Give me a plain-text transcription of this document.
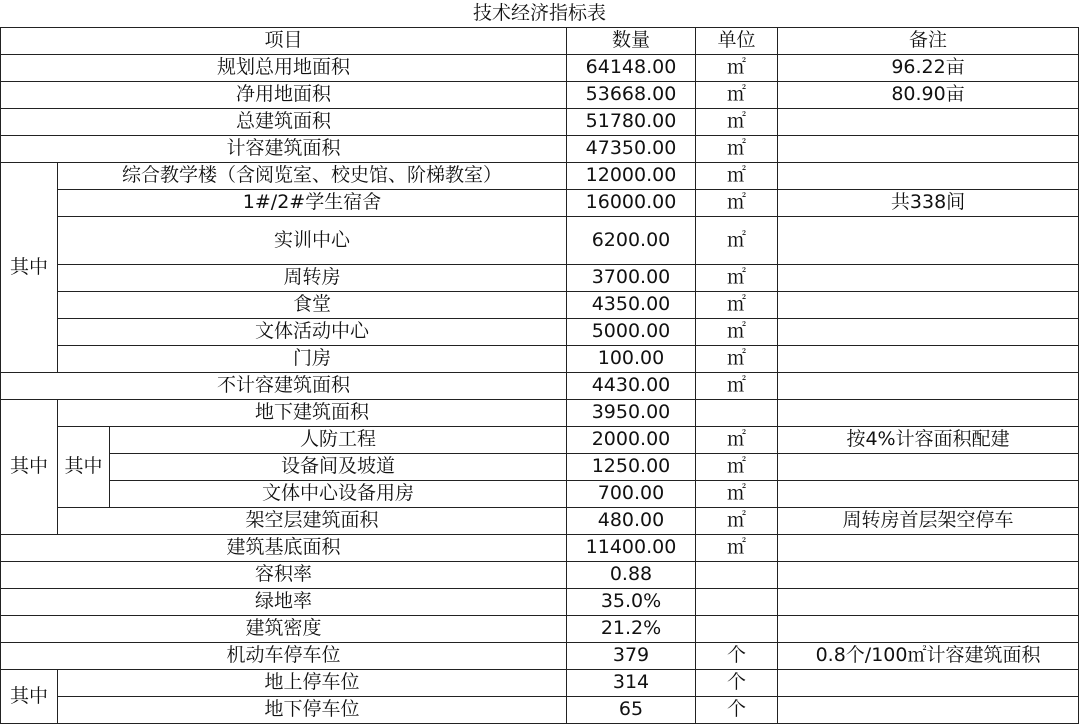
技术经济指标表					
项目			数量	单位	备注
规划总用地面积			64148.00	㎡	96.22亩
净用地面积			53668.00	㎡	80.90亩
总建筑面积			51780.00	㎡	
计容建筑面积			47350.00	㎡	
其中	综合教学楼（含阅览室、校史馆、阶梯教室）		12000.00	㎡	
	1#/2#学生宿舍		16000.00	㎡	共338间
	实训中心		6200.00	㎡	
	周转房		3700.00	㎡	
	食堂		4350.00	㎡	
	文体活动中心		5000.00	㎡	
	门房		100.00	㎡	
不计容建筑面积			4430.00	㎡	
其中	地下建筑面积		3950.00		
	其中	人防工程	2000.00	㎡	按4%计容面积配建
		设备间及坡道	1250.00	㎡	
		文体中心设备用房	700.00	㎡	
	架空层建筑面积		480.00	㎡	周转房首层架空停车
建筑基底面积			11400.00	㎡	
容积率			0.88		
绿地率			35.0%		
建筑密度			21.2%		
机动车停车位			379	个	0.8个/100㎡计容建筑面积
其中	地上停车位		314	个	
	地下停车位		65	个	
